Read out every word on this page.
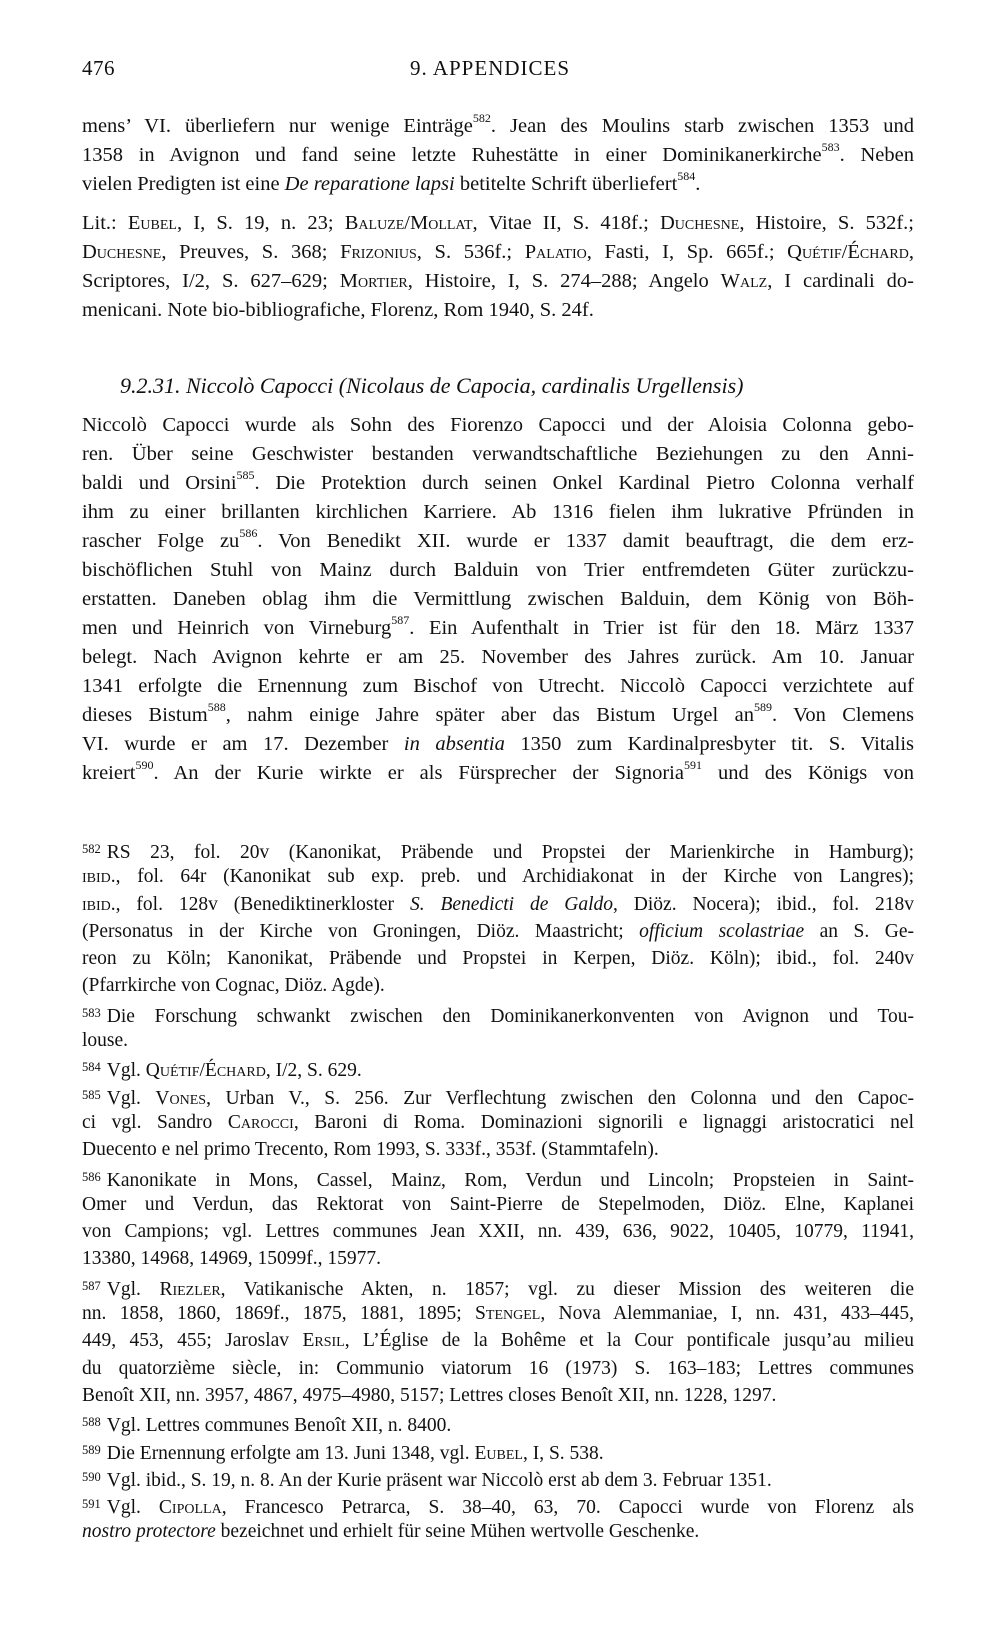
476	9. APPENDICES
mens’ VI. überliefern nur wenige Einträge$^{582}$. Jean des Moulins starb zwischen 1353 und
1358 in Avignon und fand seine letzte Ruhestätte in einer Dominikanerkirche$^{583}$. Neben
vielen Predigten ist eine De reparatione lapsi betitelte Schrift überliefert$^{584}$.
Lit.: Eubel, I, S. 19, n. 23; Baluze/Mollat, Vitae II, S. 418f.; Duchesne, Histoire, S. 532f.;
Duchesne, Preuves, S. 368; Frizonius, S. 536f.; Palatio, Fasti, I, Sp. 665f.; Quétif/Échard,
Scriptores, I/2, S. 627–629; Mortier, Histoire, I, S. 274–288; Angelo Walz, I cardinali do-
menicani. Note bio-bibliografiche, Florenz, Rom 1940, S. 24f.
9.2.31. Niccolò Capocci (Nicolaus de Capocia, cardinalis Urgellensis)
Niccolò Capocci wurde als Sohn des Fiorenzo Capocci und der Aloisia Colonna gebo-
ren. Über seine Geschwister bestanden verwandtschaftliche Beziehungen zu den Anni-
baldi und Orsini$^{585}$. Die Protektion durch seinen Onkel Kardinal Pietro Colonna verhalf
ihm zu einer brillanten kirchlichen Karriere. Ab 1316 fielen ihm lukrative Pfründen in
rascher Folge $zu^{586}$. Von Benedikt XII. wurde er 1337 damit beauftragt, die dem erz-
bischöflichen Stuhl von Mainz durch Balduin von Trier entfremdeten Güter zurückzu-
erstatten. Daneben oblag ihm die Vermittlung zwischen Balduin, dem König von Böh-
men und Heinrich von Virneburg$^{587}$. Ein Aufenthalt in Trier ist für den 18. März 1337
belegt. Nach Avignon kehrte er am 25. November des Jahres zurück. Am 10. Januar
1341 erfolgte die Ernennung zum Bischof von Utrecht. Niccolò Capocci verzichtete auf
dieses Bistum$^{588}$, nahm einige Jahre später aber das Bistum Urgel $an^{589}$. Von Clemens
VI. wurde er am 17. Dezember in absentia 1350 zum Kardinalpresbyter tit. S. Vitalis
kreiert$^{590}$. An der Kurie wirkte er als Fürsprecher der Signoria$^{591}$ und des Königs von
$^{582}$ RS 23, fol. 20v (Kanonikat, Präbende und Propstei der Marienkirche in Hamburg);
ibid., fol. 64r (Kanonikat sub exp. preb. und Archidiakonat in der Kirche von Langres);
ibid., fol. 128v (Benediktinerkloster S. Benedicti de Galdo, Diöz. Nocera); ibid., fol. 218v
(Personatus in der Kirche von Groningen, Diöz. Maastricht; officium scolastriae an S. Ge-
reon zu Köln; Kanonikat, Präbende und Propstei in Kerpen, Diöz. Köln); ibid., fol. 240v
(Pfarrkirche von Cognac, Diöz. Agde).
$^{583}$ Die Forschung schwankt zwischen den Dominikanerkonventen von Avignon und Tou-
louse.
$^{584}$ Vgl. Quétif/Échard, I/2, S. 629.
$^{585}$ Vgl. Vones, Urban V., S. 256. Zur Verflechtung zwischen den Colonna und den Capoc-
ci vgl. Sandro Carocci, Baroni di Roma. Dominazioni signorili e lignaggi aristocratici nel
Duecento e nel primo Trecento, Rom 1993, S. 333f., 353f. (Stammtafeln).
$^{586}$ Kanonikate in Mons, Cassel, Mainz, Rom, Verdun und Lincoln; Propsteien in Saint-
Omer und Verdun, das Rektorat von Saint-Pierre de Stepelmoden, Diöz. Elne, Kaplanei
von Campions; vgl. Lettres communes Jean XXII, nn. 439, 636, 9022, 10405, 10779, 11941,
13380, 14968, 14969, 15099f., 15977.
$^{587}$ Vgl. Riezler, Vatikanische Akten, n. 1857; vgl. zu dieser Mission des weiteren die
nn. 1858, 1860, 1869f., 1875, 1881, 1895; Stengel, Nova Alemmaniae, I, nn. 431, 433–445,
449, 453, 455; Jaroslav Ersil, L’Église de la Bohême et la Cour pontificale jusqu’au milieu
du quatorzième siècle, in: Communio viatorum 16 (1973) S. 163–183; Lettres communes
Benoît XII, nn. 3957, 4867, 4975–4980, 5157; Lettres closes Benoît XII, nn. 1228, 1297.
$^{588}$ Vgl. Lettres communes Benoît XII, n. 8400.
$^{589}$ Die Ernennung erfolgte am 13. Juni 1348, vgl. Eubel, I, S. 538.
$^{590}$ Vgl. ibid., S. 19, n. 8. An der Kurie präsent war Niccolò erst ab dem 3. Februar 1351.
$^{591}$ Vgl. Cipolla, Francesco Petrarca, S. 38–40, 63, 70. Capocci wurde von Florenz als
nostro protectore bezeichnet und erhielt für seine Mühen wertvolle Geschenke.
